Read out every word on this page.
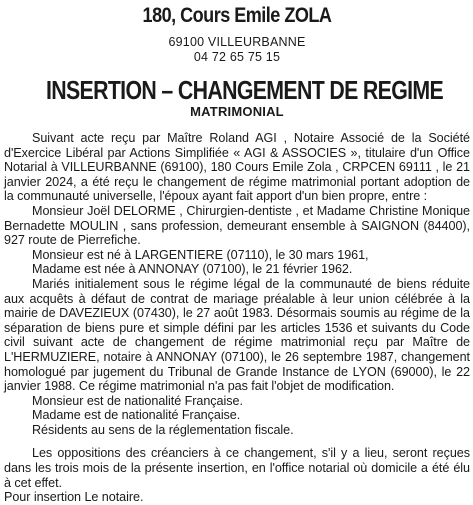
180, Cours Emile ZOLA

69100 VILLEURBANNE

04 72 65 75 15

INSERTION – CHANGEMENT DE REGIME

MATRIMONIAL

Suivant acte reçu par Maître Roland AGI , Notaire Associé de la Société d'Exercice Libéral par Actions Simplifiée « AGI & ASSOCIES », titulaire d'un Office Notarial à VILLEURBANNE (69100), 180 Cours Emile Zola , CRPCEN 69111 , le 21 janvier 2024, a été reçu le changement de régime matrimonial portant adoption de la communauté universelle, l'époux ayant fait apport d'un bien propre, entre :

Monsieur Joël DELORME , Chirurgien-dentiste , et Madame Christine Monique Bernadette MOULIN , sans profession, demeurant ensemble à SAIGNON (84400), 927 route de Pierrefiche.

Monsieur est né à LARGENTIERE (07110), le 30 mars 1961,

Madame est née à ANNONAY (07100), le 21 février 1962.

Mariés initialement sous le régime légal de la communauté de biens réduite aux acquêts à défaut de contrat de mariage préalable à leur union célébrée à la mairie de DAVEZIEUX (07430), le 27 août 1983. Désormais soumis au régime de la séparation de biens pure et simple défini par les articles 1536 et suivants du Code civil suivant acte de changement de régime matrimonial reçu par Maître de L'HERMUZIERE, notaire à ANNONAY (07100), le 26 septembre 1987, changement homologué par jugement du Tribunal de Grande Instance de LYON (69000), le 22 janvier 1988. Ce régime matrimonial n'a pas fait l'objet de modification.

Monsieur est de nationalité Française.

Madame est de nationalité Française.

Résidents au sens de la réglementation fiscale.

Les oppositions des créanciers à ce changement, s'il y a lieu, seront reçues dans les trois mois de la présente insertion, en l'office notarial où domicile a été élu à cet effet.

Pour insertion Le notaire.
